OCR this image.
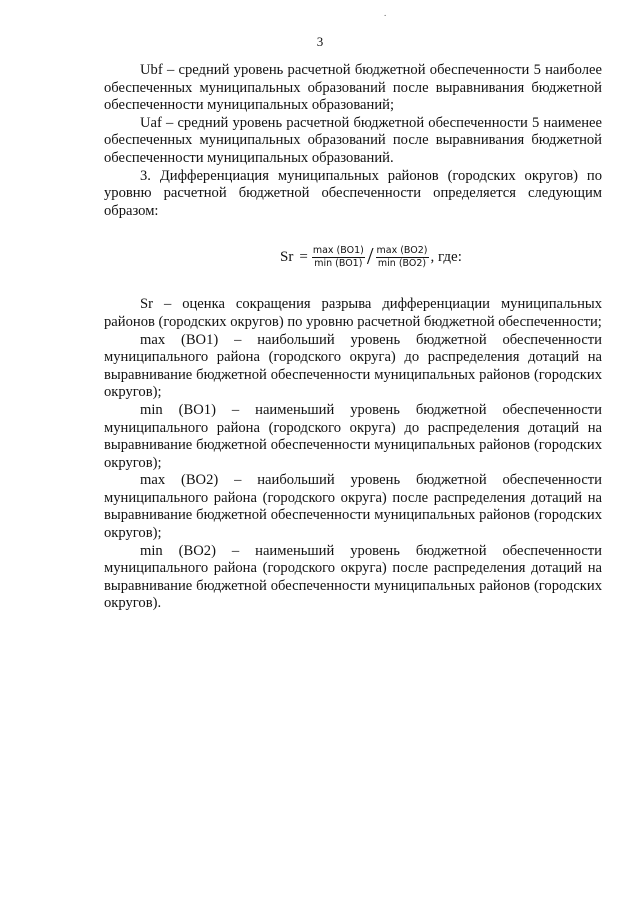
.
3

Ubf – средний уровень расчетной бюджетной обеспеченности 5 наиболее обеспеченных муниципальных образований после выравнивания бюджетной обеспеченности муниципальных образований;

Uaf – средний уровень расчетной бюджетной обеспеченности 5 наименее обеспеченных муниципальных образований после выравнивания бюджетной обеспеченности муниципальных образований.

3. Дифференциация муниципальных районов (городских округов) по уровню расчетной бюджетной обеспеченности определяется следующим образом:

$Sr = \frac{\max (BO1)}{\min (BO1)} / \frac{\max (BO2)}{\min (BO2)}$ , где:

Sr – оценка сокращения разрыва дифференциации муниципальных районов (городских округов) по уровню расчетной бюджетной обеспеченности;

max (BO1) – наибольший уровень бюджетной обеспеченности муниципального района (городского округа) до распределения дотаций на выравнивание бюджетной обеспеченности муниципальных районов (городских округов);

min (BO1) – наименьший уровень бюджетной обеспеченности муниципального района (городского округа) до распределения дотаций на выравнивание бюджетной обеспеченности муниципальных районов (городских округов);

max (BO2) – наибольший уровень бюджетной обеспеченности муниципального района (городского округа) после распределения дотаций на выравнивание бюджетной обеспеченности муниципальных районов (городских округов);

min (BO2) – наименьший уровень бюджетной обеспеченности муниципального района (городского округа) после распределения дотаций на выравнивание бюджетной обеспеченности муниципальных районов (городских округов).
